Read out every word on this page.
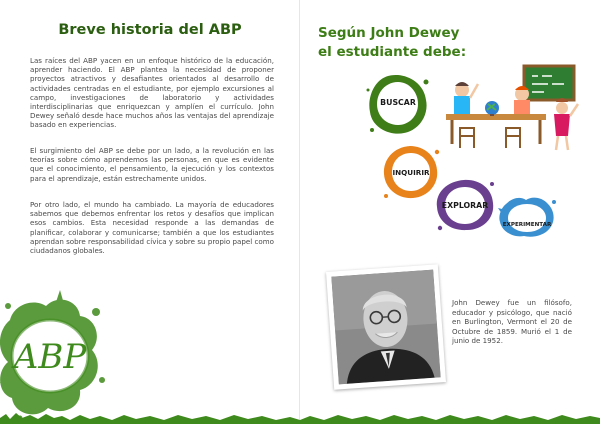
Breve historia del ABP

Las raíces del ABP yacen en un enfoque histórico de la educación, aprender haciendo. El ABP plantea la necesidad de proponer proyectos atractivos y desafiantes orientados al desarrollo de actividades centradas en el estudiante, por ejemplo excursiones al campo, investigaciones de laboratorio y actividades interdisciplinarias que enriquezcan y amplíen el currículo. John Dewey señaló desde hace muchos años las ventajas del aprendizaje basado en experiencias.

El surgimiento del ABP se debe por un lado, a la revolución en las teorías sobre cómo aprendemos las personas, en que es evidente que el conocimiento, el pensamiento, la ejecución y los contextos para el aprendizaje, están estrechamente unidos.

Por otro lado, el mundo ha cambiado. La mayoría de educadores sabemos que debemos enfrentar los retos y desafíos que implican esos cambios. Esta necesidad responde a las demandas de planificar, colaborar y comunicarse; también a que los estudiantes aprendan sobre responsabilidad cívica y sobre su propio papel como ciudadanos globales.

ABP
Según John Dewey
el estudiante debe:
BUSCAR
INQUIRIR
EXPLORAR
EXPERIMENTAR

John Dewey fue un filósofo, educador y psicólogo, que nació en Burlington, Vermont el 20 de Octubre de 1859. Murió el 1 de junio de 1952.
